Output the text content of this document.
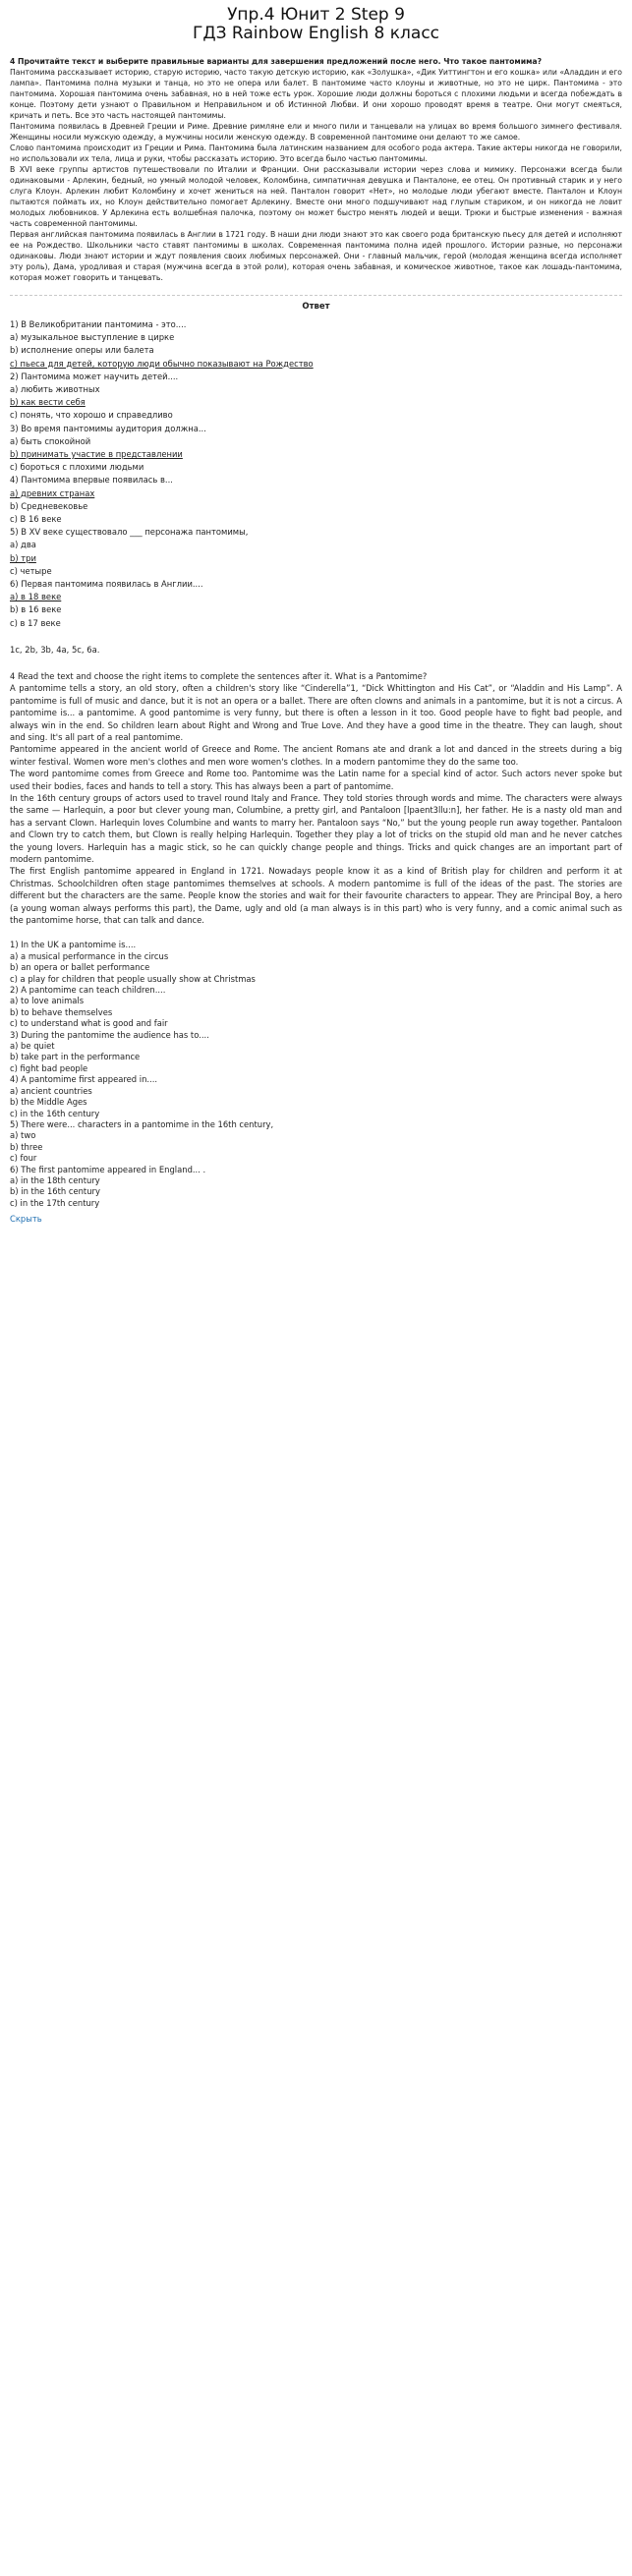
Упр.4 Юнит 2 Step 9
ГДЗ Rainbow English 8 класс

4 Прочитайте текст и выберите правильные варианты для завершения предложений после него. Что такое пантомима?

Пантомима рассказывает историю, старую историю, часто такую детскую историю, как «Золушка», «Дик Уиттингтон и его кошка» или «Аладдин и его лампа». Пантомима полна музыки и танца, но это не опера или балет. В пантомиме часто клоуны и животные, но это не цирк. Пантомима - это пантомима. Хорошая пантомима очень забавная, но в ней тоже есть урок. Хорошие люди должны бороться с плохими людьми и всегда побеждать в конце. Поэтому дети узнают о Правильном и Неправильном и об Истинной Любви. И они хорошо проводят время в театре. Они могут смеяться, кричать и петь. Все это часть настоящей пантомимы.

Пантомима появилась в Древней Греции и Риме. Древние римляне ели и много пили и танцевали на улицах во время большого зимнего фестиваля. Женщины носили мужскую одежду, а мужчины носили женскую одежду. В современной пантомиме они делают то же самое.

Слово пантомима происходит из Греции и Рима. Пантомима была латинским названием для особого рода актера. Такие актеры никогда не говорили, но использовали их тела, лица и руки, чтобы рассказать историю. Это всегда было частью пантомимы.

В XVI веке группы артистов путешествовали по Италии и Франции. Они рассказывали истории через слова и мимику. Персонажи всегда были одинаковыми - Арлекин, бедный, но умный молодой человек, Коломбина, симпатичная девушка и Панталоне, ее отец. Он противный старик и у него слуга Клоун. Арлекин любит Коломбину и хочет жениться на ней. Панталон говорит «Нет», но молодые люди убегают вместе. Панталон и Клоун пытаются поймать их, но Клоун действительно помогает Арлекину. Вместе они много подшучивают над глупым стариком, и он никогда не ловит молодых любовников. У Арлекина есть волшебная палочка, поэтому он может быстро менять людей и вещи. Трюки и быстрые изменения - важная часть современной пантомимы.

Первая английская пантомима появилась в Англии в 1721 году. В наши дни люди знают это как своего рода британскую пьесу для детей и исполняют ее на Рождество. Школьники часто ставят пантомимы в школах. Современная пантомима полна идей прошлого. Истории разные, но персонажи одинаковы. Люди знают истории и ждут появления своих любимых персонажей. Они - главный мальчик, герой (молодая женщина всегда исполняет эту роль), Дама, уродливая и старая (мужчина всегда в этой роли), которая очень забавная, и комическое животное, такое как лошадь-пантомима, которая может говорить и танцевать.

Ответ

1) В Великобритании пантомима - это....

a) музыкальное выступление в цирке

b) исполнение оперы или балета

c) пьеса для детей, которую люди обычно показывают на Рождество

2) Пантомима может научить детей....

a) любить животных

b) как вести себя

c) понять, что хорошо и справедливо

3) Во время пантомимы аудитория должна...

a) быть спокойной

b) принимать участие в представлении

c) бороться с плохими людьми

4) Пантомима впервые появилась в...

a) древних странах

b) Средневековье

c) В 16 веке

5) В XV веке существовало ___ персонажа пантомимы,

a) два

b) три

c) четыре

6) Первая пантомима появилась в Англии....

a) в 18 веке

b) в 16 веке

c) в 17 веке

1c, 2b, 3b, 4a, 5c, 6a.

4 Read the text and choose the right items to complete the sentences after it. What is a Pantomime?

A pantomime tells a story, an old story, often a children's story like “Cinderella”1, “Dick Whittington and His Cat”, or “Aladdin and His Lamp”. A pantomime is full of music and dance, but it is not an opera or a ballet. There are often clowns and animals in a pantomime, but it is not a circus. A pantomime is... a pantomime. A good pantomime is very funny, but there is often a lesson in it too. Good people have to fight bad people, and always win in the end. So children learn about Right and Wrong and True Love. And they have a good time in the theatre. They can laugh, shout and sing. It's all part of a real pantomime.

Pantomime appeared in the ancient world of Greece and Rome. The ancient Romans ate and drank a lot and danced in the streets during a big winter festival. Women wore men's clothes and men wore women's clothes. In a modern pantomime they do the same too.

The word pantomime comes from Greece and Rome too. Pantomime was the Latin name for a special kind of actor. Such actors never spoke but used their bodies, faces and hands to tell a story. This has always been a part of pantomime.

In the 16th century groups of actors used to travel round Italy and France. They told stories through words and mime. The characters were always the same — Harlequin, a poor but clever young man, Columbine, a pretty girl, and Pantaloon [lpaent3llu:n], her father. He is a nasty old man and has a servant Clown. Harlequin loves Columbine and wants to marry her. Pantaloon says “No,” but the young people run away together. Pantaloon and Clown try to catch them, but Clown is really helping Harlequin. Together they play a lot of tricks on the stupid old man and he never catches the young lovers. Harlequin has a magic stick, so he can quickly change people and things. Tricks and quick changes are an important part of modern pantomime.

The first English pantomime appeared in England in 1721. Nowadays people know it as a kind of British play for children and perform it at Christmas. Schoolchildren often stage pantomimes themselves at schools. A modern pantomime is full of the ideas of the past. The stories are different but the characters are the same. People know the stories and wait for their favourite characters to appear. They are Principal Boy, a hero (a young woman always performs this part), the Dame, ugly and old (a man always is in this part) who is very funny, and a comic animal such as the pantomime horse, that can talk and dance.

1) In the UK a pantomime is....

a) a musical performance in the circus

b) an opera or ballet performance

c) a play for children that people usually show at Christmas

2) A pantomime can teach children....

a) to love animals

b) to behave themselves

c) to understand what is good and fair

3) During the pantomime the audience has to....

a) be quiet

b) take part in the performance

c) fight bad people

4) A pantomime first appeared in....

a) ancient countries

b) the Middle Ages

c) in the 16th century

5) There were... characters in a pantomime in the 16th century,

a) two

b) three

c) four

6) The first pantomime appeared in England... .

a) in the 18th century

b) in the 16th century

c) in the 17th century

Скрыть
